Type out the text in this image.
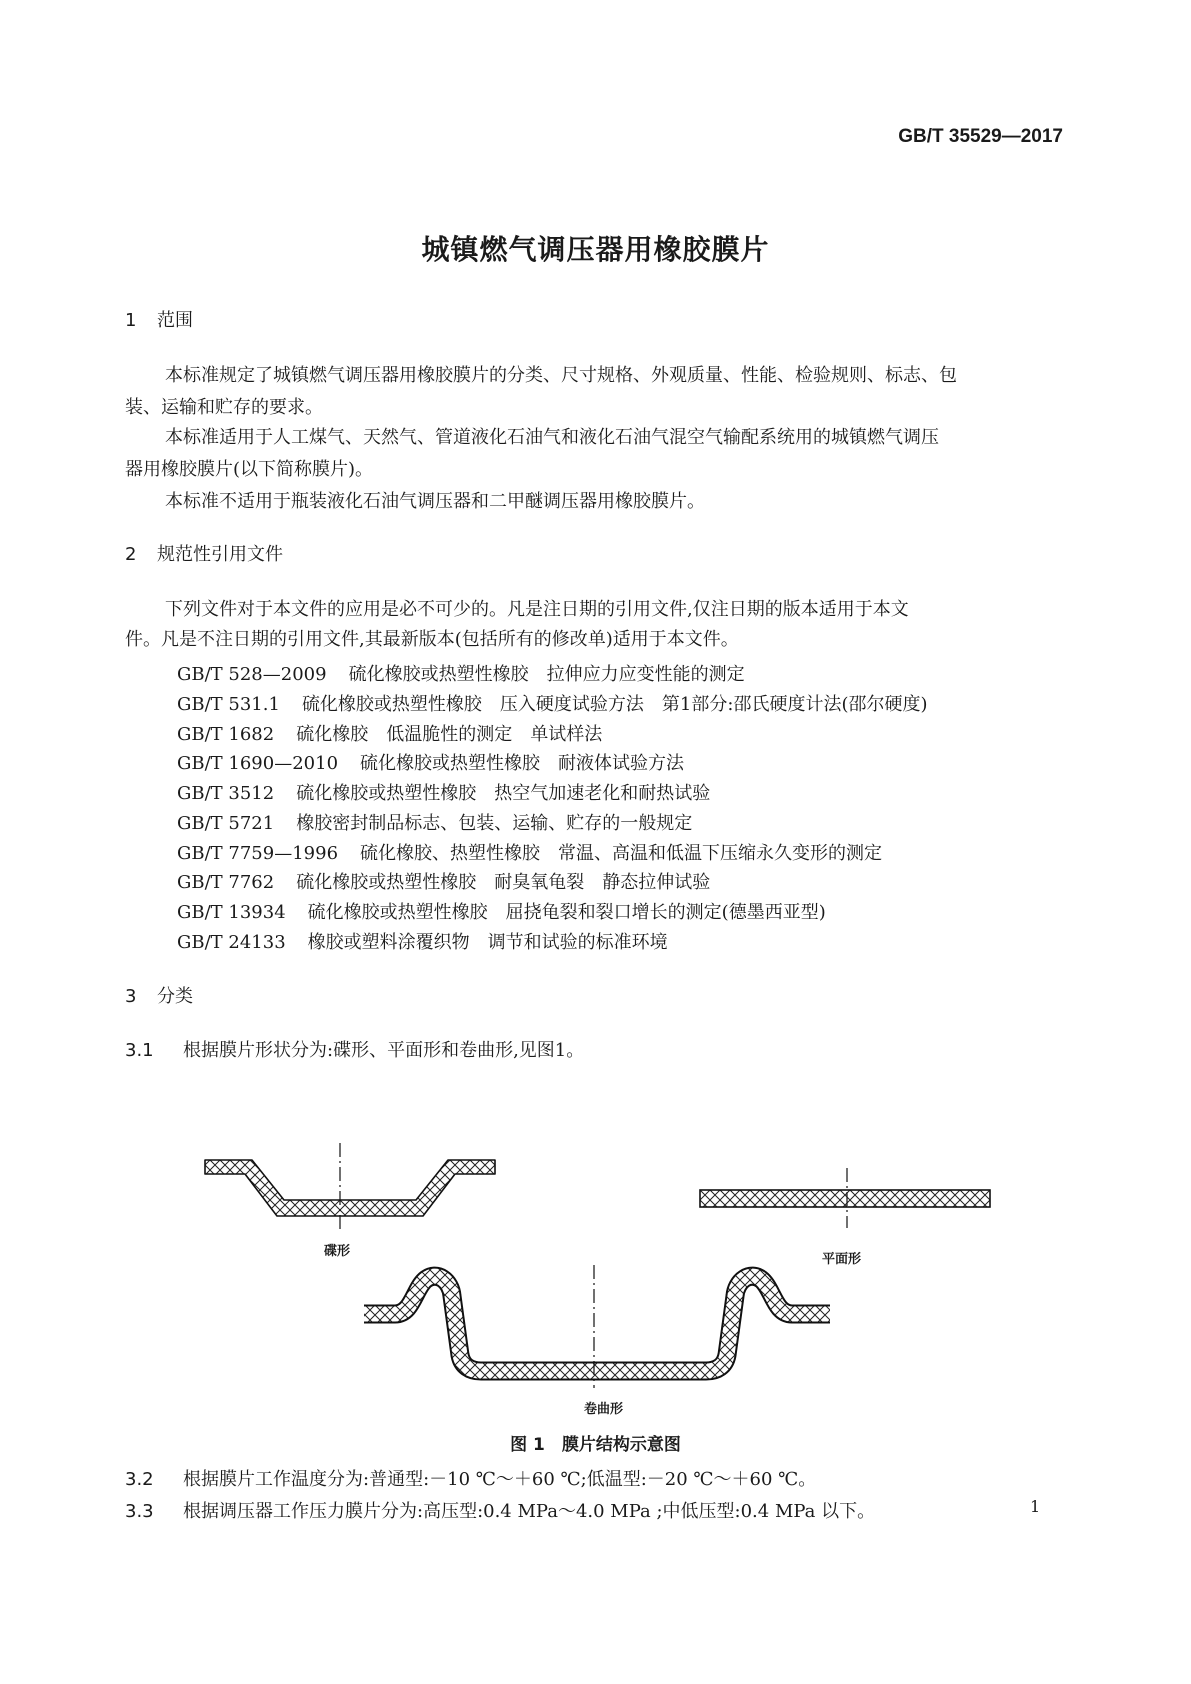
GB/T 35529—2017
城镇燃气调压器用橡胶膜片
1 范围
本标准规定了城镇燃气调压器用橡胶膜片的分类、尺寸规格、外观质量、性能、检验规则、标志、包
装、运输和贮存的要求。
本标准适用于人工煤气、天然气、管道液化石油气和液化石油气混空气输配系统用的城镇燃气调压
器用橡胶膜片(以下简称膜片)。
本标准不适用于瓶装液化石油气调压器和二甲醚调压器用橡胶膜片。
2 规范性引用文件
下列文件对于本文件的应用是必不可少的。凡是注日期的引用文件,仅注日期的版本适用于本文
件。凡是不注日期的引用文件,其最新版本(包括所有的修改单)适用于本文件。
GB/T 528—2009 硫化橡胶或热塑性橡胶　拉伸应力应变性能的测定
GB/T 531.1 硫化橡胶或热塑性橡胶　压入硬度试验方法　第1部分:邵氏硬度计法(邵尔硬度)
GB/T 1682 硫化橡胶　低温脆性的测定　单试样法
GB/T 1690—2010 硫化橡胶或热塑性橡胶　耐液体试验方法
GB/T 3512 硫化橡胶或热塑性橡胶　热空气加速老化和耐热试验
GB/T 5721 橡胶密封制品标志、包装、运输、贮存的一般规定
GB/T 7759—1996 硫化橡胶、热塑性橡胶　常温、高温和低温下压缩永久变形的测定
GB/T 7762 硫化橡胶或热塑性橡胶　耐臭氧龟裂　静态拉伸试验
GB/T 13934 硫化橡胶或热塑性橡胶　屈挠龟裂和裂口增长的测定(德墨西亚型)
GB/T 24133 橡胶或塑料涂覆织物　调节和试验的标准环境
3 分类
3.1 根据膜片形状分为:碟形、平面形和卷曲形,见图1。
碟形
平面形
卷曲形
图 1　膜片结构示意图
3.2 根据膜片工作温度分为:普通型:－10 ℃～＋60 ℃;低温型:－20 ℃～＋60 ℃。
3.3 根据调压器工作压力膜片分为:高压型:0.4 MPa～4.0 MPa ;中低压型:0.4 MPa 以下。	1
